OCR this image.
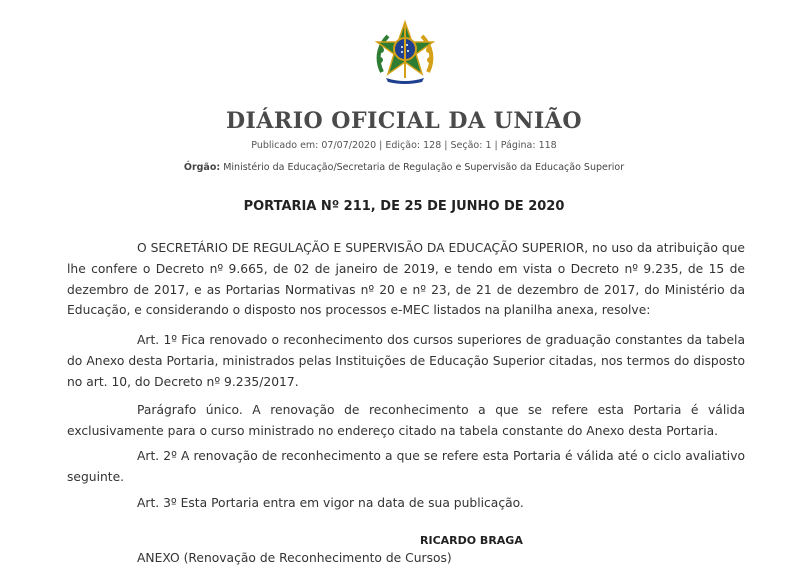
DIÁRIO OFICIAL DA UNIÃO
Publicado em: 07/07/2020 | Edição: 128 | Seção: 1 | Página: 118
Órgão: Ministério da Educação/Secretaria de Regulação e Supervisão da Educação Superior
PORTARIA Nº 211, DE 25 DE JUNHO DE 2020

O SECRETÁRIO DE REGULAÇÃO E SUPERVISÃO DA EDUCAÇÃO SUPERIOR, no uso da atribuição que lhe confere o Decreto nº 9.665, de 02 de janeiro de 2019, e tendo em vista o Decreto nº 9.235, de 15 de dezembro de 2017, e as Portarias Normativas nº 20 e nº 23, de 21 de dezembro de 2017, do Ministério da Educação, e considerando o disposto nos processos e-MEC listados na planilha anexa, resolve:

Art. 1º Fica renovado o reconhecimento dos cursos superiores de graduação constantes da tabela do Anexo desta Portaria, ministrados pelas Instituições de Educação Superior citadas, nos termos do disposto no art. 10, do Decreto nº 9.235/2017.

Parágrafo único. A renovação de reconhecimento a que se refere esta Portaria é válida exclusivamente para o curso ministrado no endereço citado na tabela constante do Anexo desta Portaria.

Art. 2º A renovação de reconhecimento a que se refere esta Portaria é válida até o ciclo avaliativo seguinte.

Art. 3º Esta Portaria entra em vigor na data de sua publicação.

RICARDO BRAGA
ANEXO (Renovação de Reconhecimento de Cursos)
